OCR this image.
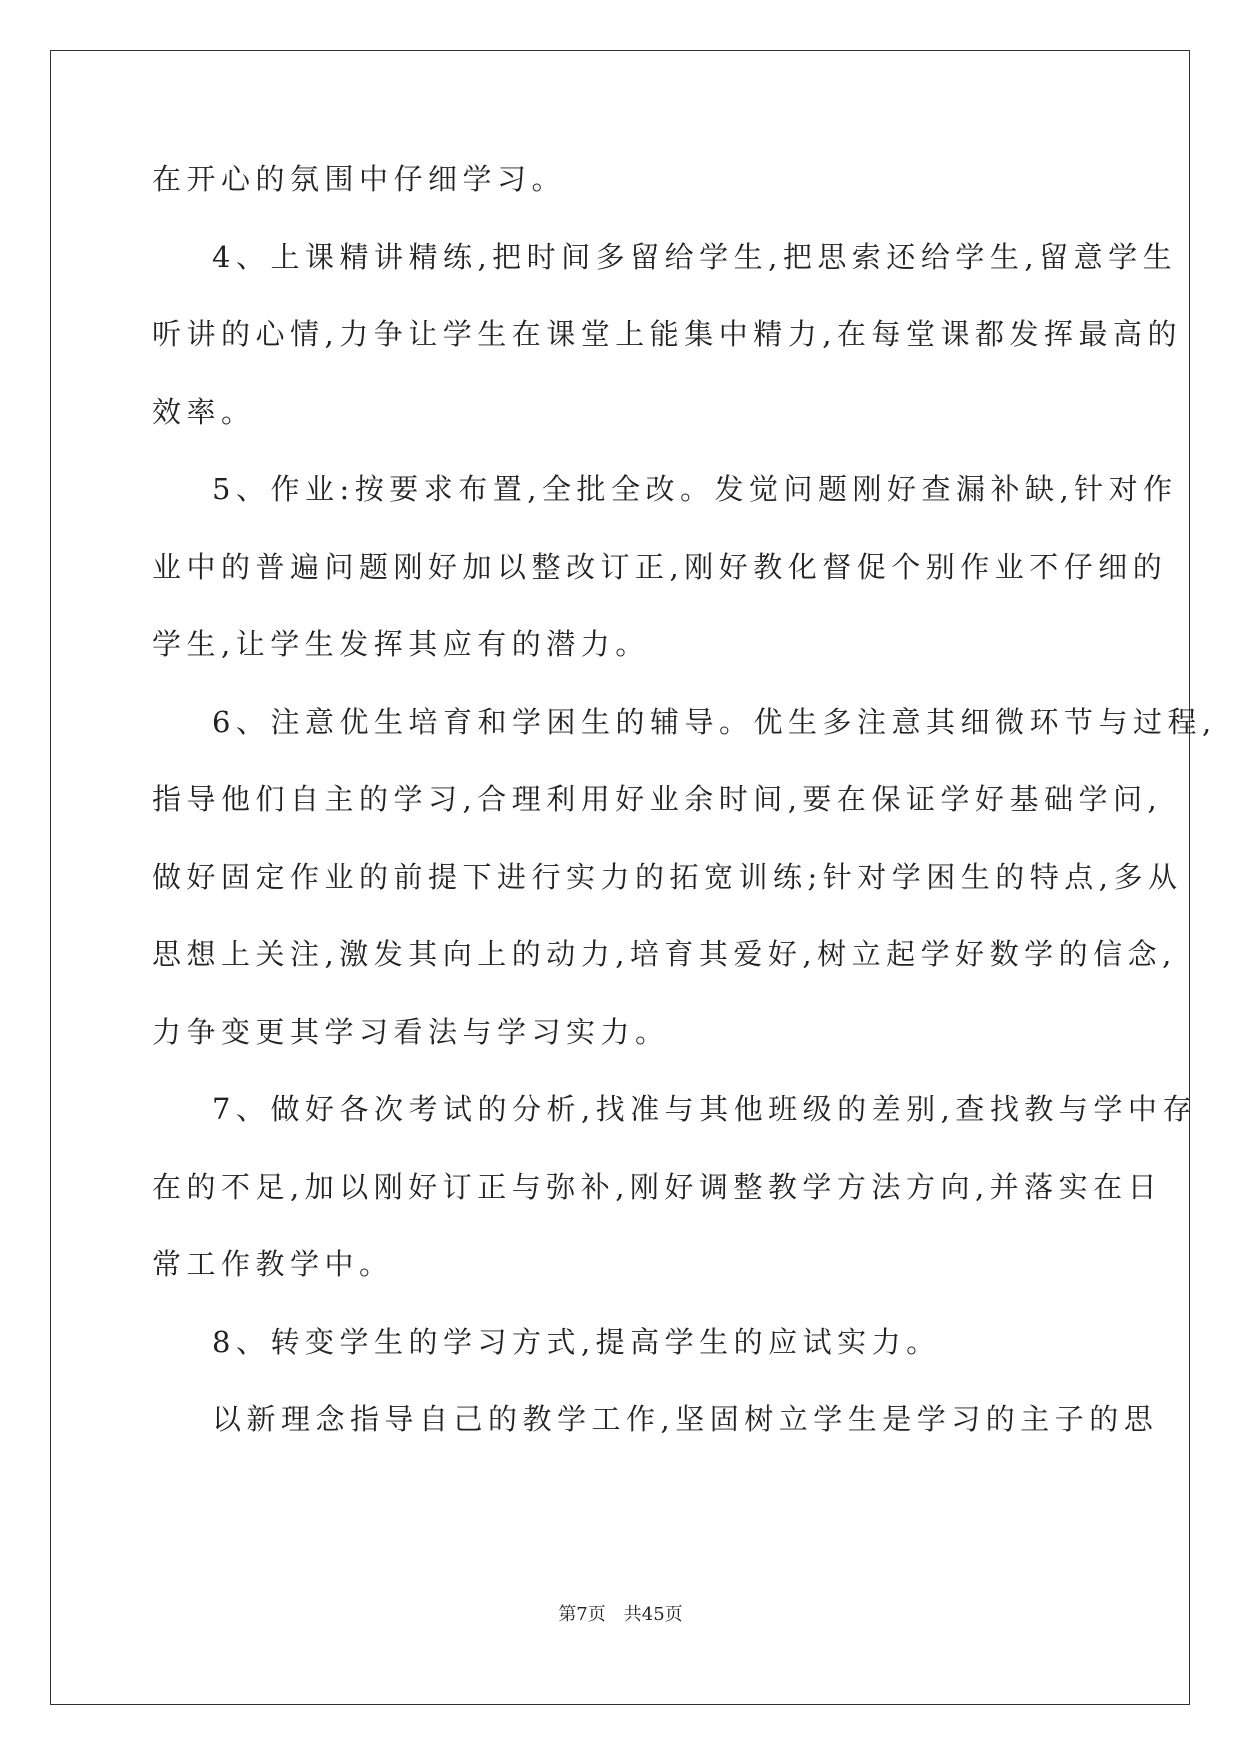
在开心的氛围中仔细学习。
4、上课精讲精练,把时间多留给学生,把思索还给学生,留意学生
听讲的心情,力争让学生在课堂上能集中精力,在每堂课都发挥最高的
效率。
5、作业:按要求布置,全批全改。发觉问题刚好查漏补缺,针对作
业中的普遍问题刚好加以整改订正,刚好教化督促个别作业不仔细的
学生,让学生发挥其应有的潜力。
6、注意优生培育和学困生的辅导。优生多注意其细微环节与过程,
指导他们自主的学习,合理利用好业余时间,要在保证学好基础学问,
做好固定作业的前提下进行实力的拓宽训练;针对学困生的特点,多从
思想上关注,激发其向上的动力,培育其爱好,树立起学好数学的信念,
力争变更其学习看法与学习实力。
7、做好各次考试的分析,找准与其他班级的差别,查找教与学中存
在的不足,加以刚好订正与弥补,刚好调整教学方法方向,并落实在日
常工作教学中。
8、转变学生的学习方式,提高学生的应试实力。
以新理念指导自己的教学工作,坚固树立学生是学习的主子的思
第7页　共45页
